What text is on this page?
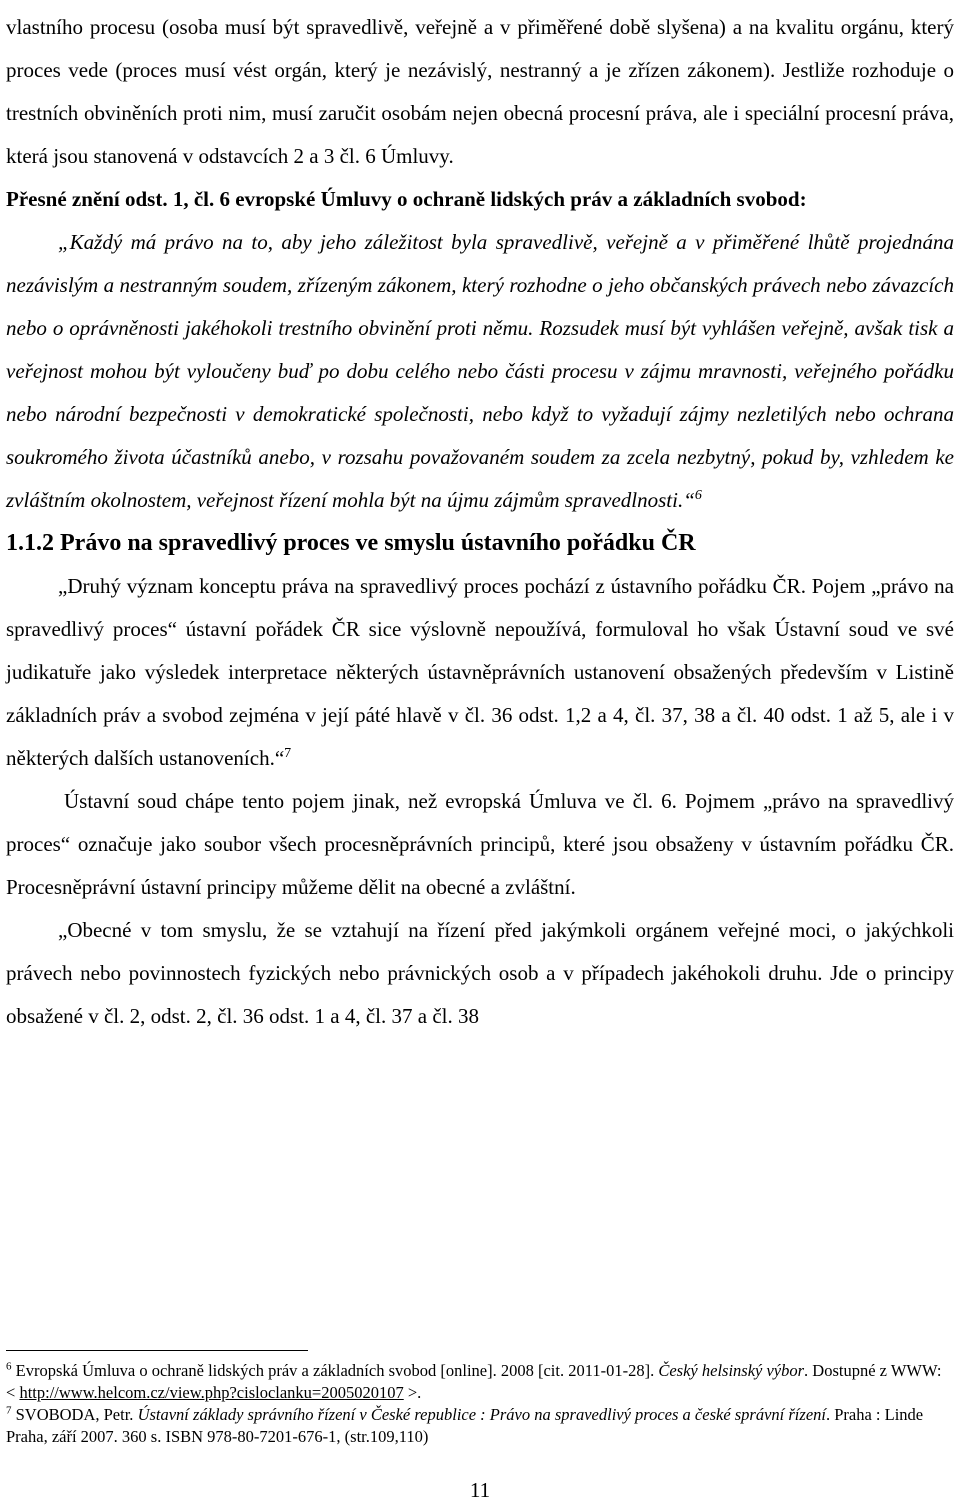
vlastního procesu (osoba musí být spravedlivě, veřejně a v přiměřené době slyšena) a na kvalitu orgánu, který proces vede (proces musí vést orgán, který je nezávislý, nestranný a je zřízen zákonem). Jestliže rozhoduje o trestních obviněních proti nim, musí zaručit osobám nejen obecná procesní práva, ale i speciální procesní práva, která jsou stanovená v odstavcích 2 a 3 čl. 6 Úmluvy.

Přesné znění odst. 1, čl. 6 evropské Úmluvy o ochraně lidských práv a základních svobod:

„Každý má právo na to, aby jeho záležitost byla spravedlivě, veřejně a v přiměřené lhůtě projednána nezávislým a nestranným soudem, zřízeným zákonem, který rozhodne o jeho občanských právech nebo závazcích nebo o oprávněnosti jakéhokoli trestního obvinění proti němu. Rozsudek musí být vyhlášen veřejně, avšak tisk a veřejnost mohou být vyloučeny buď po dobu celého nebo části procesu v zájmu mravnosti, veřejného pořádku nebo národní bezpečnosti v demokratické společnosti, nebo když to vyžadují zájmy nezletilých nebo ochrana soukromého života účastníků anebo, v rozsahu považovaném soudem za zcela nezbytný, pokud by, vzhledem ke zvláštním okolnostem, veřejnost řízení mohla být na újmu zájmům spravedlnosti.“$^6$

1.1.2 Právo na spravedlivý proces ve smyslu ústavního pořádku ČR

„Druhý význam konceptu práva na spravedlivý proces pochází z ústavního pořádku ČR. Pojem „právo na spravedlivý proces“ ústavní pořádek ČR sice výslovně nepoužívá, formuloval ho však Ústavní soud ve své judikatuře jako výsledek interpretace některých ústavněprávních ustanovení obsažených především v Listině základních práv a svobod zejména v její páté hlavě v čl. 36 odst. 1,2 a 4, čl. 37, 38 a čl. 40 odst. 1 až 5, ale i v některých dalších ustanoveních.“$^7$

Ústavní soud chápe tento pojem jinak, než evropská Úmluva ve čl. 6. Pojmem „právo na spravedlivý proces“ označuje jako soubor všech procesněprávních principů, které jsou obsaženy v ústavním pořádku ČR. Procesněprávní ústavní principy můžeme dělit na obecné a zvláštní.

„Obecné v tom smyslu, že se vztahují na řízení před jakýmkoli orgánem veřejné moci, o jakýchkoli právech nebo povinnostech fyzických nebo právnických osob a v případech jakéhokoli druhu. Jde o principy obsažené v čl. 2, odst. 2, čl. 36 odst. 1 a 4, čl. 37 a čl. 38

$^6$ Evropská Úmluva o ochraně lidských práv a základních svobod [online]. 2008 [cit. 2011-01-28]. Český helsinský výbor. Dostupné z WWW: < http://www.helcom.cz/view.php?cisloclanku=2005020107 >.

$^7$ SVOBODA, Petr. Ústavní základy správního řízení v České republice : Právo na spravedlivý proces a české správní řízení. Praha : Linde Praha, září 2007. 360 s. ISBN 978-80-7201-676-1, (str.109,110)

11
